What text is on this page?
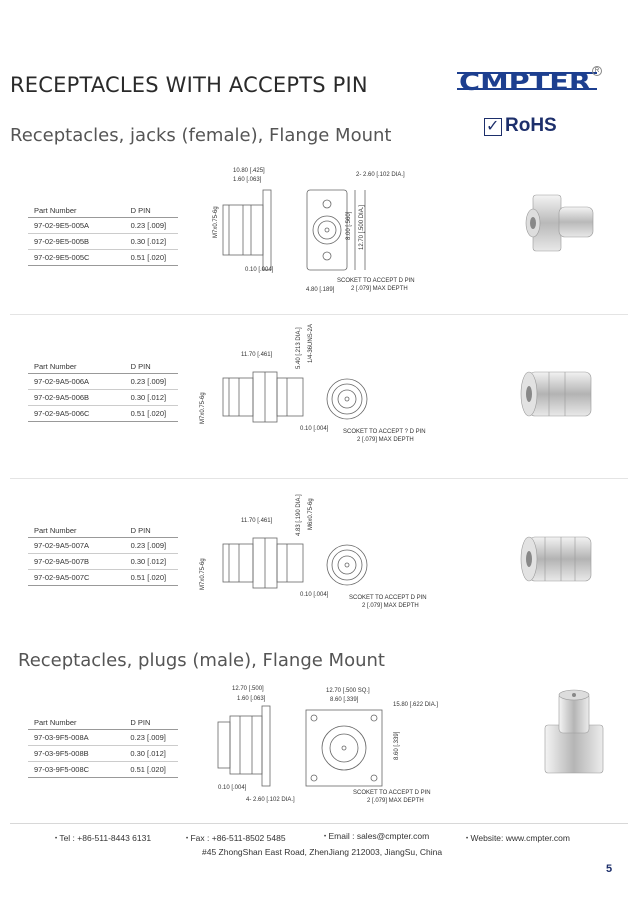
RECEPTACLES WITH ACCEPTS PIN	CMPTER R
✓ RoHS
Receptacles, jacks (female), Flange Mount
Part Number	D PIN
97-02-9E5-005A	0.23 [.009]
97-02-9E5-005B	0.30 [.012]
97-02-9E5-005C	0.51 [.020]
10.80 [.425]
1.60 [.063]
2- 2.60 [.102 DIA.]
M7x0.75-6g	8.00 [.560] 12.70 [.500 DIA.]
0.10 [.004]
4.80 [.189]
SCOKET TO ACCEPT D PIN
2 [.079] MAX DEPTH
Part Number	D PIN
97-02-9A5-006A	0.23 [.009]
97-02-9A5-006B	0.30 [.012]
97-02-9A5-006C	0.51 [.020]
11.70 [.461]	5.40 [.213 DIA.] 1/4-36UNS-2A
M7x0.75-6g
0.10 [.004] SCOKET TO ACCEPT ? D PIN
2 [.079] MAX DEPTH
Part Number	D PIN
97-02-9A5-007A	0.23 [.009]
97-02-9A5-007B	0.30 [.012]
97-02-9A5-007C	0.51 [.020]
11.70 [.461]	4.83 [.190 DIA.] M6x0.75-6g
M7x0.75-6g
0.10 [.004]	SCOKET TO ACCEPT D PIN
2 [.079] MAX DEPTH
Receptacles, plugs (male), Flange Mount
Part Number	D PIN
97-03-9F5-008A	0.23 [.009]
97-03-9F5-008B	0.30 [.012]
97-03-9F5-008C	0.51 [.020]
12.70 [.500]
1.60 [.063]
12.70 [.500 SQ.]
8.60 [.339]
15.80 [.622 DIA.]
8.60 [.339]
0.10 [.004]
4- 2.60 [.102 DIA.]
SCOKET TO ACCEPT D PIN
2 [.079] MAX DEPTH
• Tel : +86-511-8443 6131	• Fax : +86-511-8502 5485	• Email : sales@cmpter.com	• Website: www.cmpter.com
#45 ZhongShan East Road, ZhenJiang 212003, JiangSu, China
5
